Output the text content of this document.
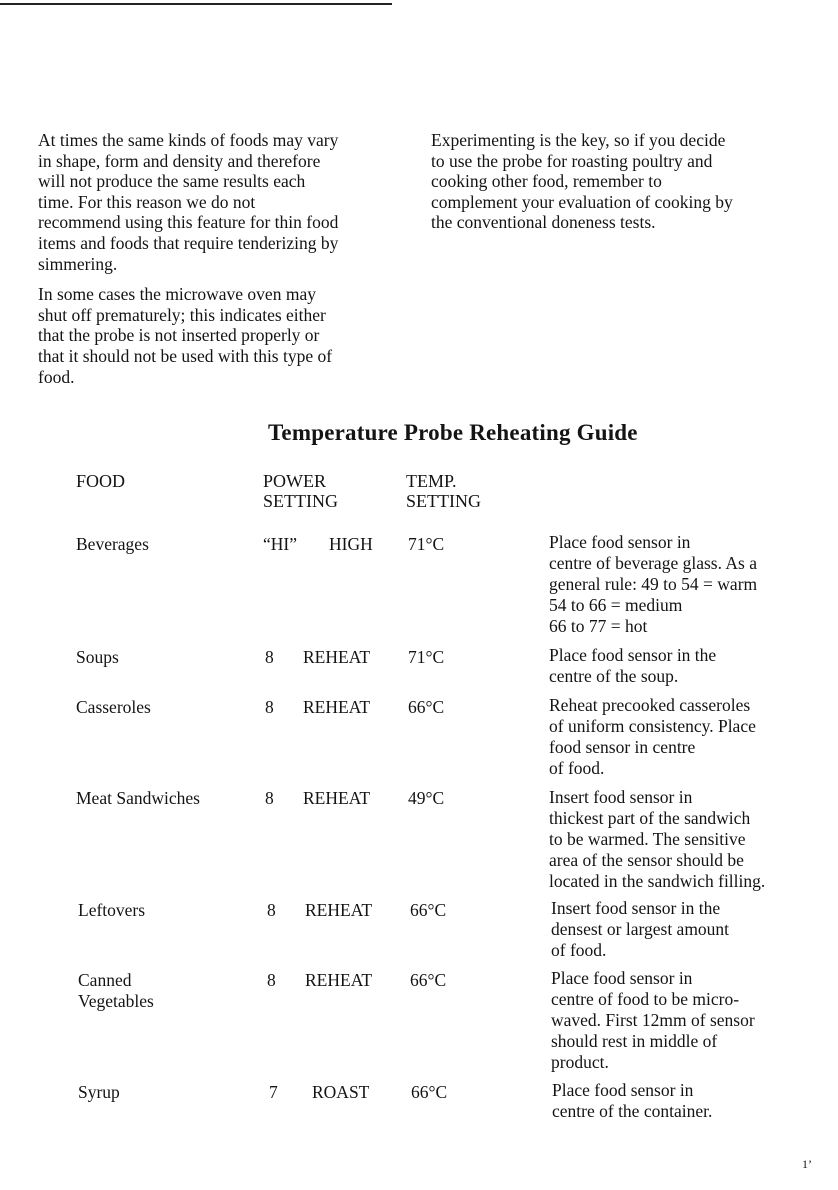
At times the same kinds of foods may vary
in shape, form and density and therefore
will not produce the same results each
time. For this reason we do not
recommend using this feature for thin food
items and foods that require tenderizing by
simmering.

In some cases the microwave oven may
shut off prematurely; this indicates either
that the probe is not inserted properly or
that it should not be used with this type of
food.

Experimenting is the key, so if you decide
to use the probe for roasting poultry and
cooking other food, remember to
complement your evaluation of cooking by
the conventional doneness tests.

Temperature Probe Reheating Guide
FOOD	POWER
SETTING
TEMP.
SETTING
Beverages	“HI” HIGH 71°C	Place food sensor in
centre of beverage glass. As a
general rule: 49 to 54 = warm
54 to 66 = medium
66 to 77 = hot
Soups	8 REHEAT 71°C	Place food sensor in the
centre of the soup.
Casseroles	8 REHEAT 66°C	Reheat precooked casseroles
of uniform consistency. Place
food sensor in centre
of food.
Meat Sandwiches	8 REHEAT 49°C	Insert food sensor in
thickest part of the sandwich
to be warmed. The sensitive
area of the sensor should be
located in the sandwich filling.
Leftovers	8 REHEAT 66°C	Insert food sensor in the
densest or largest amount
of food.
Canned
Vegetables
8 REHEAT 66°C	Place food sensor in
centre of food to be micro-
waved. First 12mm of sensor
should rest in middle of
product.
Syrup	7 ROAST 66°C	Place food sensor in
centre of the container.
1’
